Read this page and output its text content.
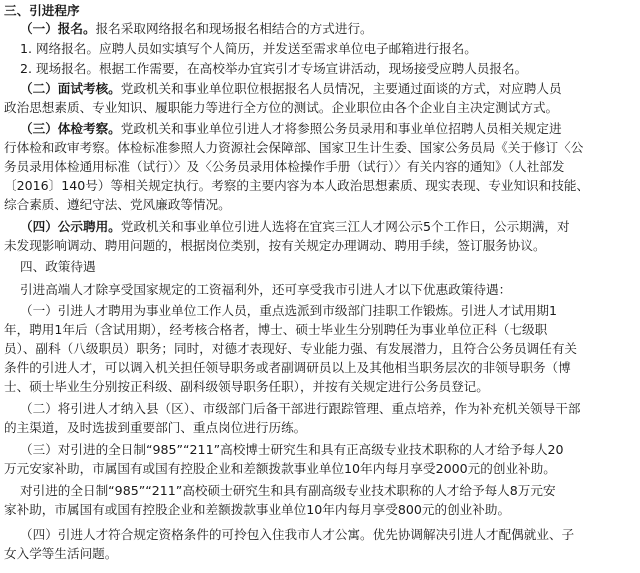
三、引进程序
（一）报名。报名采取网络报名和现场报名相结合的方式进行。
1. 网络报名。应聘人员如实填写个人简历，并发送至需求单位电子邮箱进行报名。
2. 现场报名。根据工作需要，在高校举办宜宾引才专场宣讲活动，现场接受应聘人员报名。
（二）面试考核。党政机关和事业单位职位根据报名人员情况，主要通过面谈的方式，对应聘人员
政治思想素质、专业知识、履职能力等进行全方位的测试。企业职位由各个企业自主决定测试方式。
（三）体检考察。党政机关和事业单位引进人才将参照公务员录用和事业单位招聘人员相关规定进
行体检和政审考察。体检标准参照人力资源社会保障部、国家卫生计生委、国家公务员局《关于修订〈公
务员录用体检通用标准（试行）〉及〈公务员录用体检操作手册（试行）〉有关内容的通知》（人社部发
〔2016〕140号）等相关规定执行。考察的主要内容为本人政治思想素质、现实表现、专业知识和技能、
综合素质、遵纪守法、党风廉政等情况。
（四）公示聘用。党政机关和事业单位引进人选将在宜宾三江人才网公示5个工作日，公示期满，对
未发现影响调动、聘用问题的，根据岗位类别，按有关规定办理调动、聘用手续，签订服务协议。
四、政策待遇
引进高端人才除享受国家规定的工资福利外，还可享受我市引进人才以下优惠政策待遇：
（一）引进人才聘用为事业单位工作人员，重点选派到市级部门挂职工作锻炼。引进人才试用期1
年，聘用1年后（含试用期），经考核合格者，博士、硕士毕业生分别聘任为事业单位正科（七级职
员）、副科（八级职员）职务；同时，对德才表现好、专业能力强、有发展潜力，且符合公务员调任有关
条件的引进人才，可以调入机关担任领导职务或者副调研员以上及其他相当职务层次的非领导职务（博
士、硕士毕业生分别按正科级、副科级领导职务任职），并按有关规定进行公务员登记。
（二）将引进人才纳入县（区）、市级部门后备干部进行跟踪管理、重点培养，作为补充机关领导干部
的主渠道，及时选拔到重要部门、重点岗位进行历练。
（三）对引进的全日制“985”“211”高校博士研究生和具有正高级专业技术职称的人才给予每人20
万元安家补助，市属国有或国有控股企业和差额拨款事业单位10年内每月享受2000元的创业补助。
对引进的全日制“985”“211”高校硕士研究生和具有副高级专业技术职称的人才给予每人8万元安
家补助，市属国有或国有控股企业和差额拨款事业单位10年内每月享受800元的创业补助。
（四）引进人才符合规定资格条件的可拎包入住我市人才公寓。优先协调解决引进人才配偶就业、子
女入学等生活问题。
